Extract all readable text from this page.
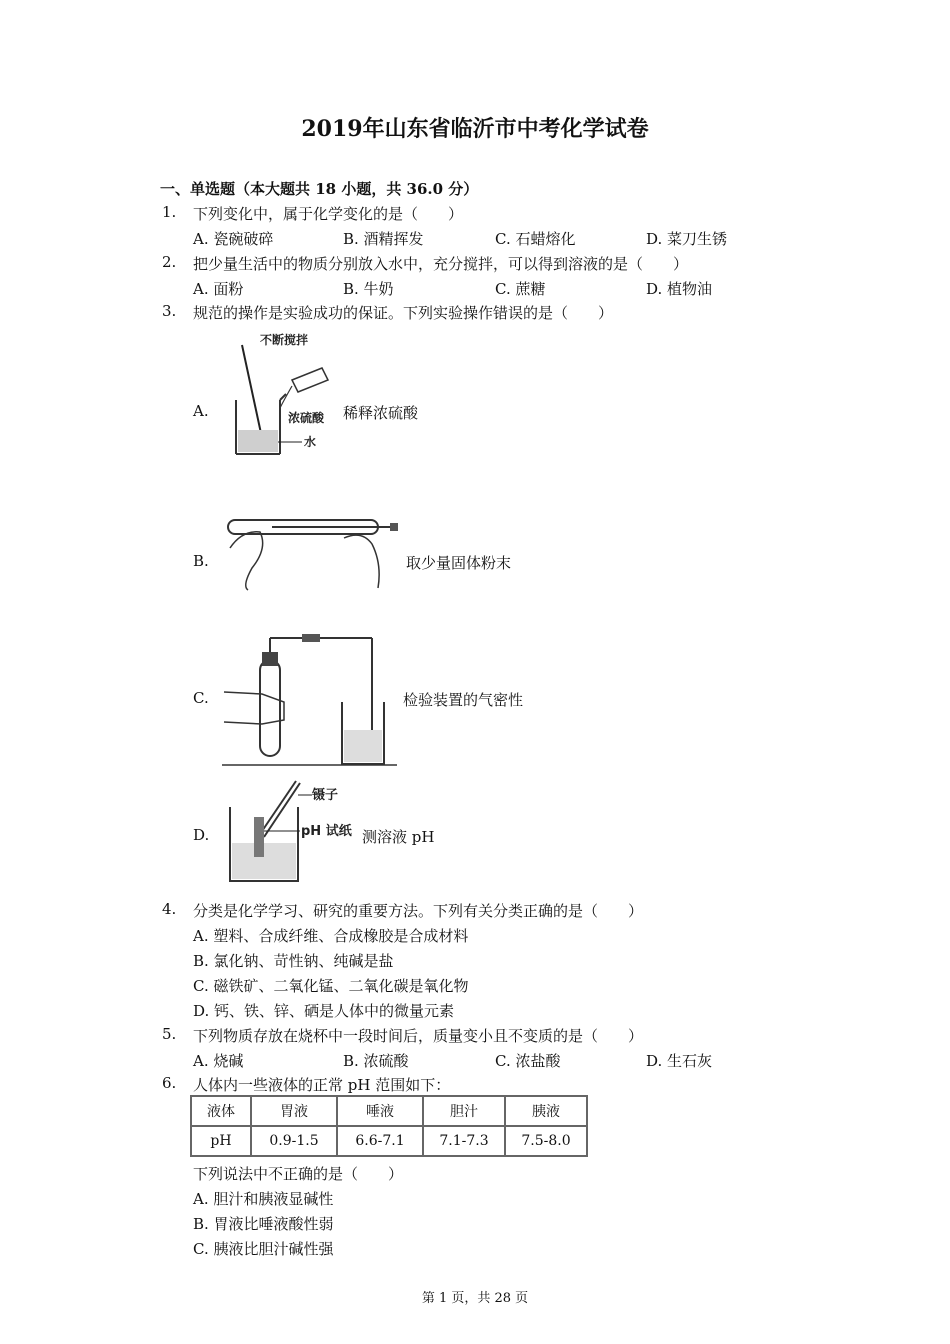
2019年山东省临沂市中考化学试卷
一、单选题（本大题共 18 小题，共 36.0 分）
1. 下列变化中，属于化学变化的是（　　）
A. 瓷碗破碎	B. 酒精挥发	C. 石蜡熔化	D. 菜刀生锈
2. 把少量生活中的物质分别放入水中，充分搅拌，可以得到溶液的是（　　）
A. 面粉	B. 牛奶	C. 蔗糖	D. 植物油
3. 规范的操作是实验成功的保证。下列实验操作错误的是（　　）
A.
不断搅拌
浓硫酸
水
稀释浓硫酸
B.	取少量固体粉末
C.	检验装置的气密性
D.
镊子
pH 试纸 测溶液 pH
4. 分类是化学学习、研究的重要方法。下列有关分类正确的是（　　）
A. 塑料、合成纤维、合成橡胶是合成材料
B. 氯化钠、苛性钠、纯碱是盐
C. 磁铁矿、二氧化锰、二氧化碳是氧化物
D. 钙、铁、锌、硒是人体中的微量元素
5. 下列物质存放在烧杯中一段时间后，质量变小且不变质的是（　　）
A. 烧碱	B. 浓硫酸	C. 浓盐酸	D. 生石灰
6. 人体内一些液体的正常 pH 范围如下：
液体	胃液	唾液	胆汁	胰液
pH	0.9-1.5	6.6-7.1	7.1-7.3	7.5-8.0
下列说法中不正确的是（　　）
A. 胆汁和胰液显碱性
B. 胃液比唾液酸性弱
C. 胰液比胆汁碱性强
第 1 页，共 28 页
